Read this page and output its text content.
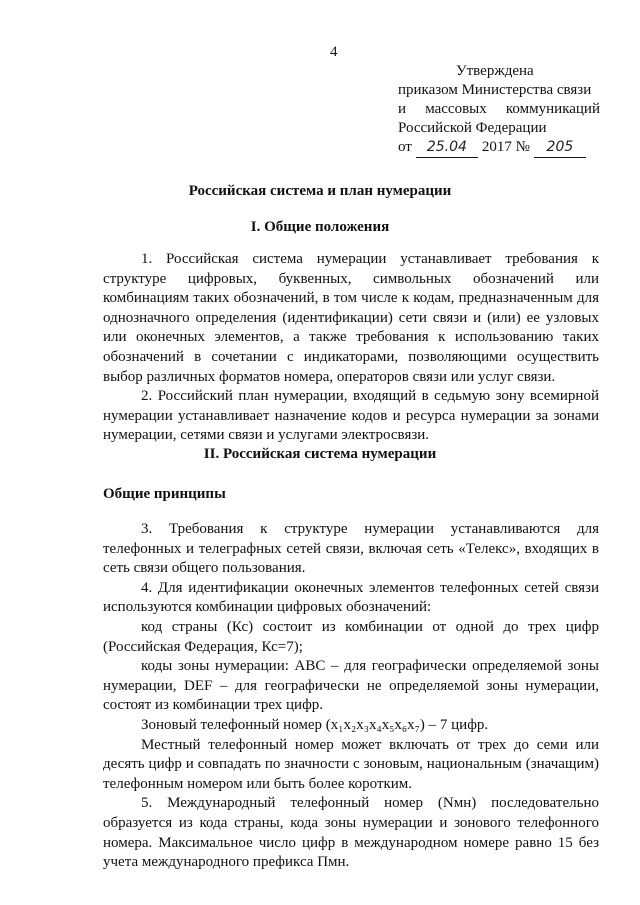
4
Утверждена
приказом Министерства связи
и массовых коммуникаций
Российской Федерации
от	25.04 2017 №	205
Российская система и план нумерации
I. Общие положения

1. Российская система нумерации устанавливает требования к структуре цифровых, буквенных, символьных обозначений или комбинациям таких обозначений, в том числе к кодам, предназначенным для однозначного определения (идентификации) сети связи и (или) ее узловых или оконечных элементов, а также требования к использованию таких обозначений в сочетании с индикаторами, позволяющими осуществить выбор различных форматов номера, операторов связи или услуг связи.

2. Российский план нумерации, входящий в седьмую зону всемирной нумерации устанавливает назначение кодов и ресурса нумерации за зонами нумерации, сетями связи и услугами электросвязи.

II. Российская система нумерации
Общие принципы

3. Требования к структуре нумерации устанавливаются для телефонных и телеграфных сетей связи, включая сеть «Телекс», входящих в сеть связи общего пользования.

4. Для идентификации оконечных элементов телефонных сетей связи используются комбинации цифровых обозначений:

код страны (Кс) состоит из комбинации от одной до трех цифр (Российская Федерация, Кс=7);

коды зоны нумерации: ABC – для географически определяемой зоны нумерации, DEF – для географически не определяемой зоны нумерации, состоят из комбинации трех цифр.

Зоновый телефонный номер (x₁x₂x₃x₄x₅x₆x₇) – 7 цифр.

Местный телефонный номер может включать от трех до семи или десять цифр и совпадать по значности с зоновым, национальным (значащим) телефонным номером или быть более коротким.

5. Международный телефонный номер (Nмн) последовательно образуется из кода страны, кода зоны нумерации и зонового телефонного номера. Максимальное число цифр в международном номере равно 15 без учета международного префикса Пмн.
